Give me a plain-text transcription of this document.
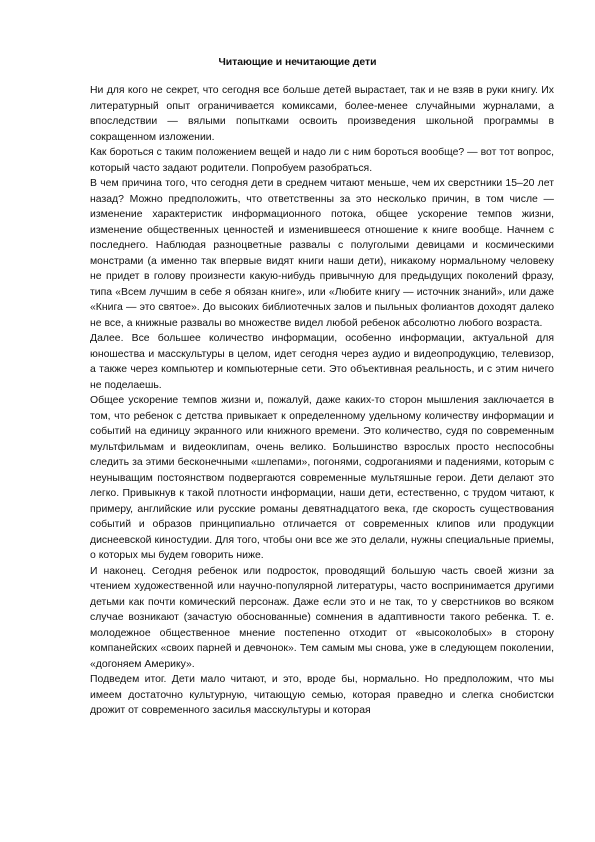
Читающие и нечитающие дети

Ни для кого не секрет, что сегодня все больше детей вырастает, так и не взяв в руки книгу. Их литературный опыт ограничивается комиксами, более-менее случайными журналами, а впоследствии — вялыми попытками освоить произведения школьной программы в сокращенном изложении.

Как бороться с таким положением вещей и надо ли с ним бороться вообще? — вот тот вопрос, который часто задают родители. Попробуем разобраться.

В чем причина того, что сегодня дети в среднем читают меньше, чем их сверстники 15–20 лет назад? Можно предположить, что ответственны за это несколько причин, в том числе — изменение характеристик информационного потока, общее ускорение темпов жизни, изменение общественных ценностей и изменившееся отношение к книге вообще. Начнем с последнего. Наблюдая разноцветные развалы с полуголыми девицами и космическими монстрами (а именно так впервые видят книги наши дети), никакому нормальному человеку не придет в голову произнести какую-нибудь привычную для предыдущих поколений фразу, типа «Всем лучшим в себе я обязан книге», или «Любите книгу — источник знаний», или даже «Книга — это святое». До высоких библиотечных залов и пыльных фолиантов доходят далеко не все, а книжные развалы во множестве видел любой ребенок абсолютно любого возраста.

Далее. Все большее количество информации, особенно информации, актуальной для юношества и масскультуры в целом, идет сегодня через аудио и видеопродукцию, телевизор, а также через компьютер и компьютерные сети. Это объективная реальность, и с этим ничего не поделаешь.

Общее ускорение темпов жизни и, пожалуй, даже каких-то сторон мышления заключается в том, что ребенок с детства привыкает к определенному удельному количеству информации и событий на единицу экранного или книжного времени. Это количество, судя по современным мультфильмам и видеоклипам, очень велико. Большинство взрослых просто неспособны следить за этими бесконечными «шлепами», погонями, содроганиями и падениями, которым с неуныващим постоянством подвергаются современные мультяшные герои. Дети делают это легко. Привыкнув к такой плотности информации, наши дети, естественно, с трудом читают, к примеру, английские или русские романы девятнадцатого века, где скорость существования событий и образов принципиально отличается от современных клипов или продукции диснеевской киностудии. Для того, чтобы они все же это делали, нужны специальные приемы, о которых мы будем говорить ниже.

И наконец. Сегодня ребенок или подросток, проводящий большую часть своей жизни за чтением художественной или научно-популярной литературы, часто воспринимается другими детьми как почти комический персонаж. Даже если это и не так, то у сверстников во всяком случае возникают (зачастую обоснованные) сомнения в адаптивности такого ребенка. Т. е. молодежное общественное мнение постепенно отходит от «высоколобых» в сторону компанейских «своих парней и девчонок». Тем самым мы снова, уже в следующем поколении, «догоняем Америку».

Подведем итог. Дети мало читают, и это, вроде бы, нормально. Но предположим, что мы имеем достаточно культурную, читающую семью, которая праведно и слегка снобистски дрожит от современного засилья масскультуры и которая
